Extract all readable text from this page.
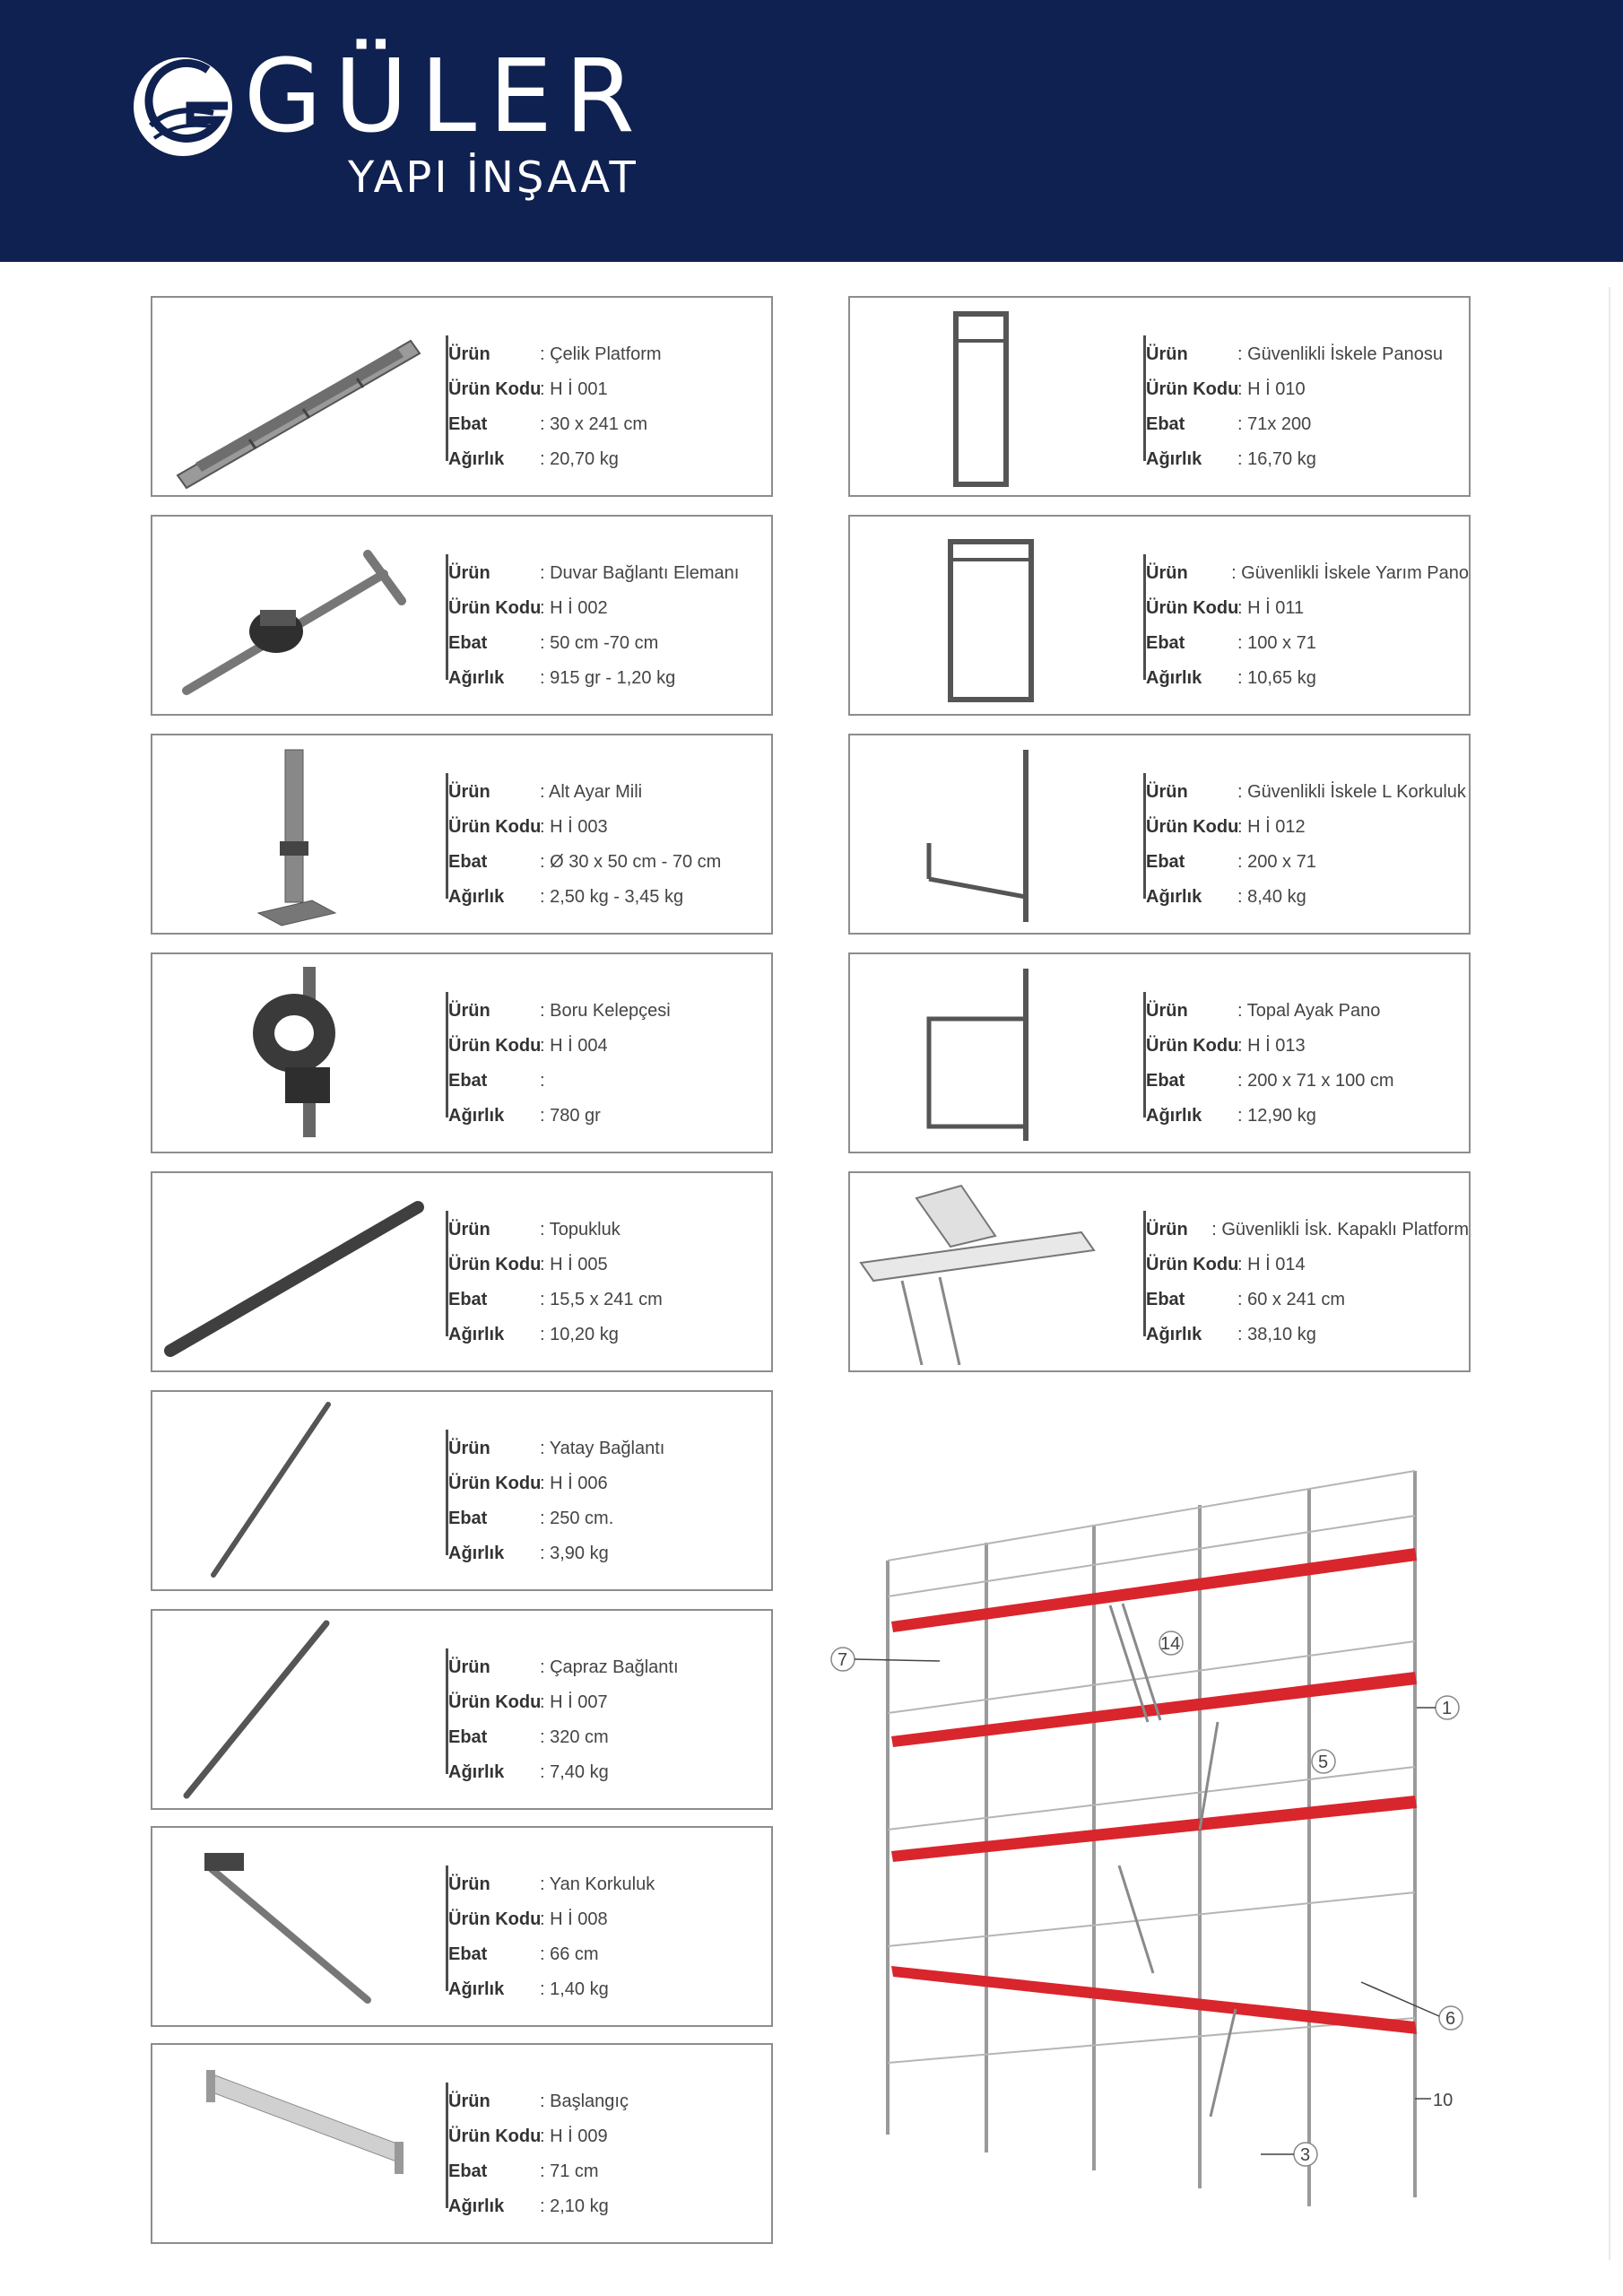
GÜLER
YAPI İNŞAAT
Ürün	: Çelik Platform
Ürün Kodu
: H İ 001
Ebat	: 30 x 241 cm
Ağırlık	: 20,70 kg
Ürün	: Duvar Bağlantı Elemanı
Ürün Kodu
: H İ 002
Ebat	: 50 cm -70 cm
Ağırlık	: 915 gr - 1,20 kg
Ürün	: Alt Ayar Mili
Ürün Kodu
: H İ 003
Ebat	: Ø 30 x 50 cm - 70 cm
Ağırlık	: 2,50 kg - 3,45 kg
Ürün	: Boru Kelepçesi
Ürün Kodu
: H İ 004
Ebat	:
Ağırlık	: 780 gr
Ürün	: Topukluk
Ürün Kodu
: H İ 005
Ebat	: 15,5 x 241 cm
Ağırlık	: 10,20 kg
Ürün	: Yatay Bağlantı
Ürün Kodu
: H İ 006
Ebat	: 250 cm.
Ağırlık	: 3,90 kg
Ürün	: Çapraz Bağlantı
Ürün Kodu
: H İ 007
Ebat	: 320 cm
Ağırlık	: 7,40 kg
Ürün	: Yan Korkuluk
Ürün Kodu
: H İ 008
Ebat	: 66 cm
Ağırlık	: 1,40 kg
Ürün	: Başlangıç
Ürün Kodu
: H İ 009
Ebat	: 71 cm
Ağırlık	: 2,10 kg
Ürün	: Güvenlikli İskele Panosu
Ürün Kodu
: H İ 010
Ebat	: 71x 200
Ağırlık	: 16,70 kg
Ürün	: Güvenlikli İskele Yarım Pano
Ürün Kodu
: H İ 011
Ebat	: 100 x 71
Ağırlık	: 10,65 kg
Ürün	: Güvenlikli İskele L Korkuluk
Ürün Kodu
: H İ 012
Ebat	: 200 x 71
Ağırlık	: 8,40 kg
Ürün	: Topal Ayak Pano
Ürün Kodu
: H İ 013
Ebat	: 200 x 71 x 100 cm
Ağırlık	: 12,90 kg
Ürün	: Güvenlikli İsk. Kapaklı Platform
Ürün Kodu
: H İ 014
Ebat	: 60 x 241 cm
Ağırlık	: 38,10 kg
7
14
1
5
6
10
3
